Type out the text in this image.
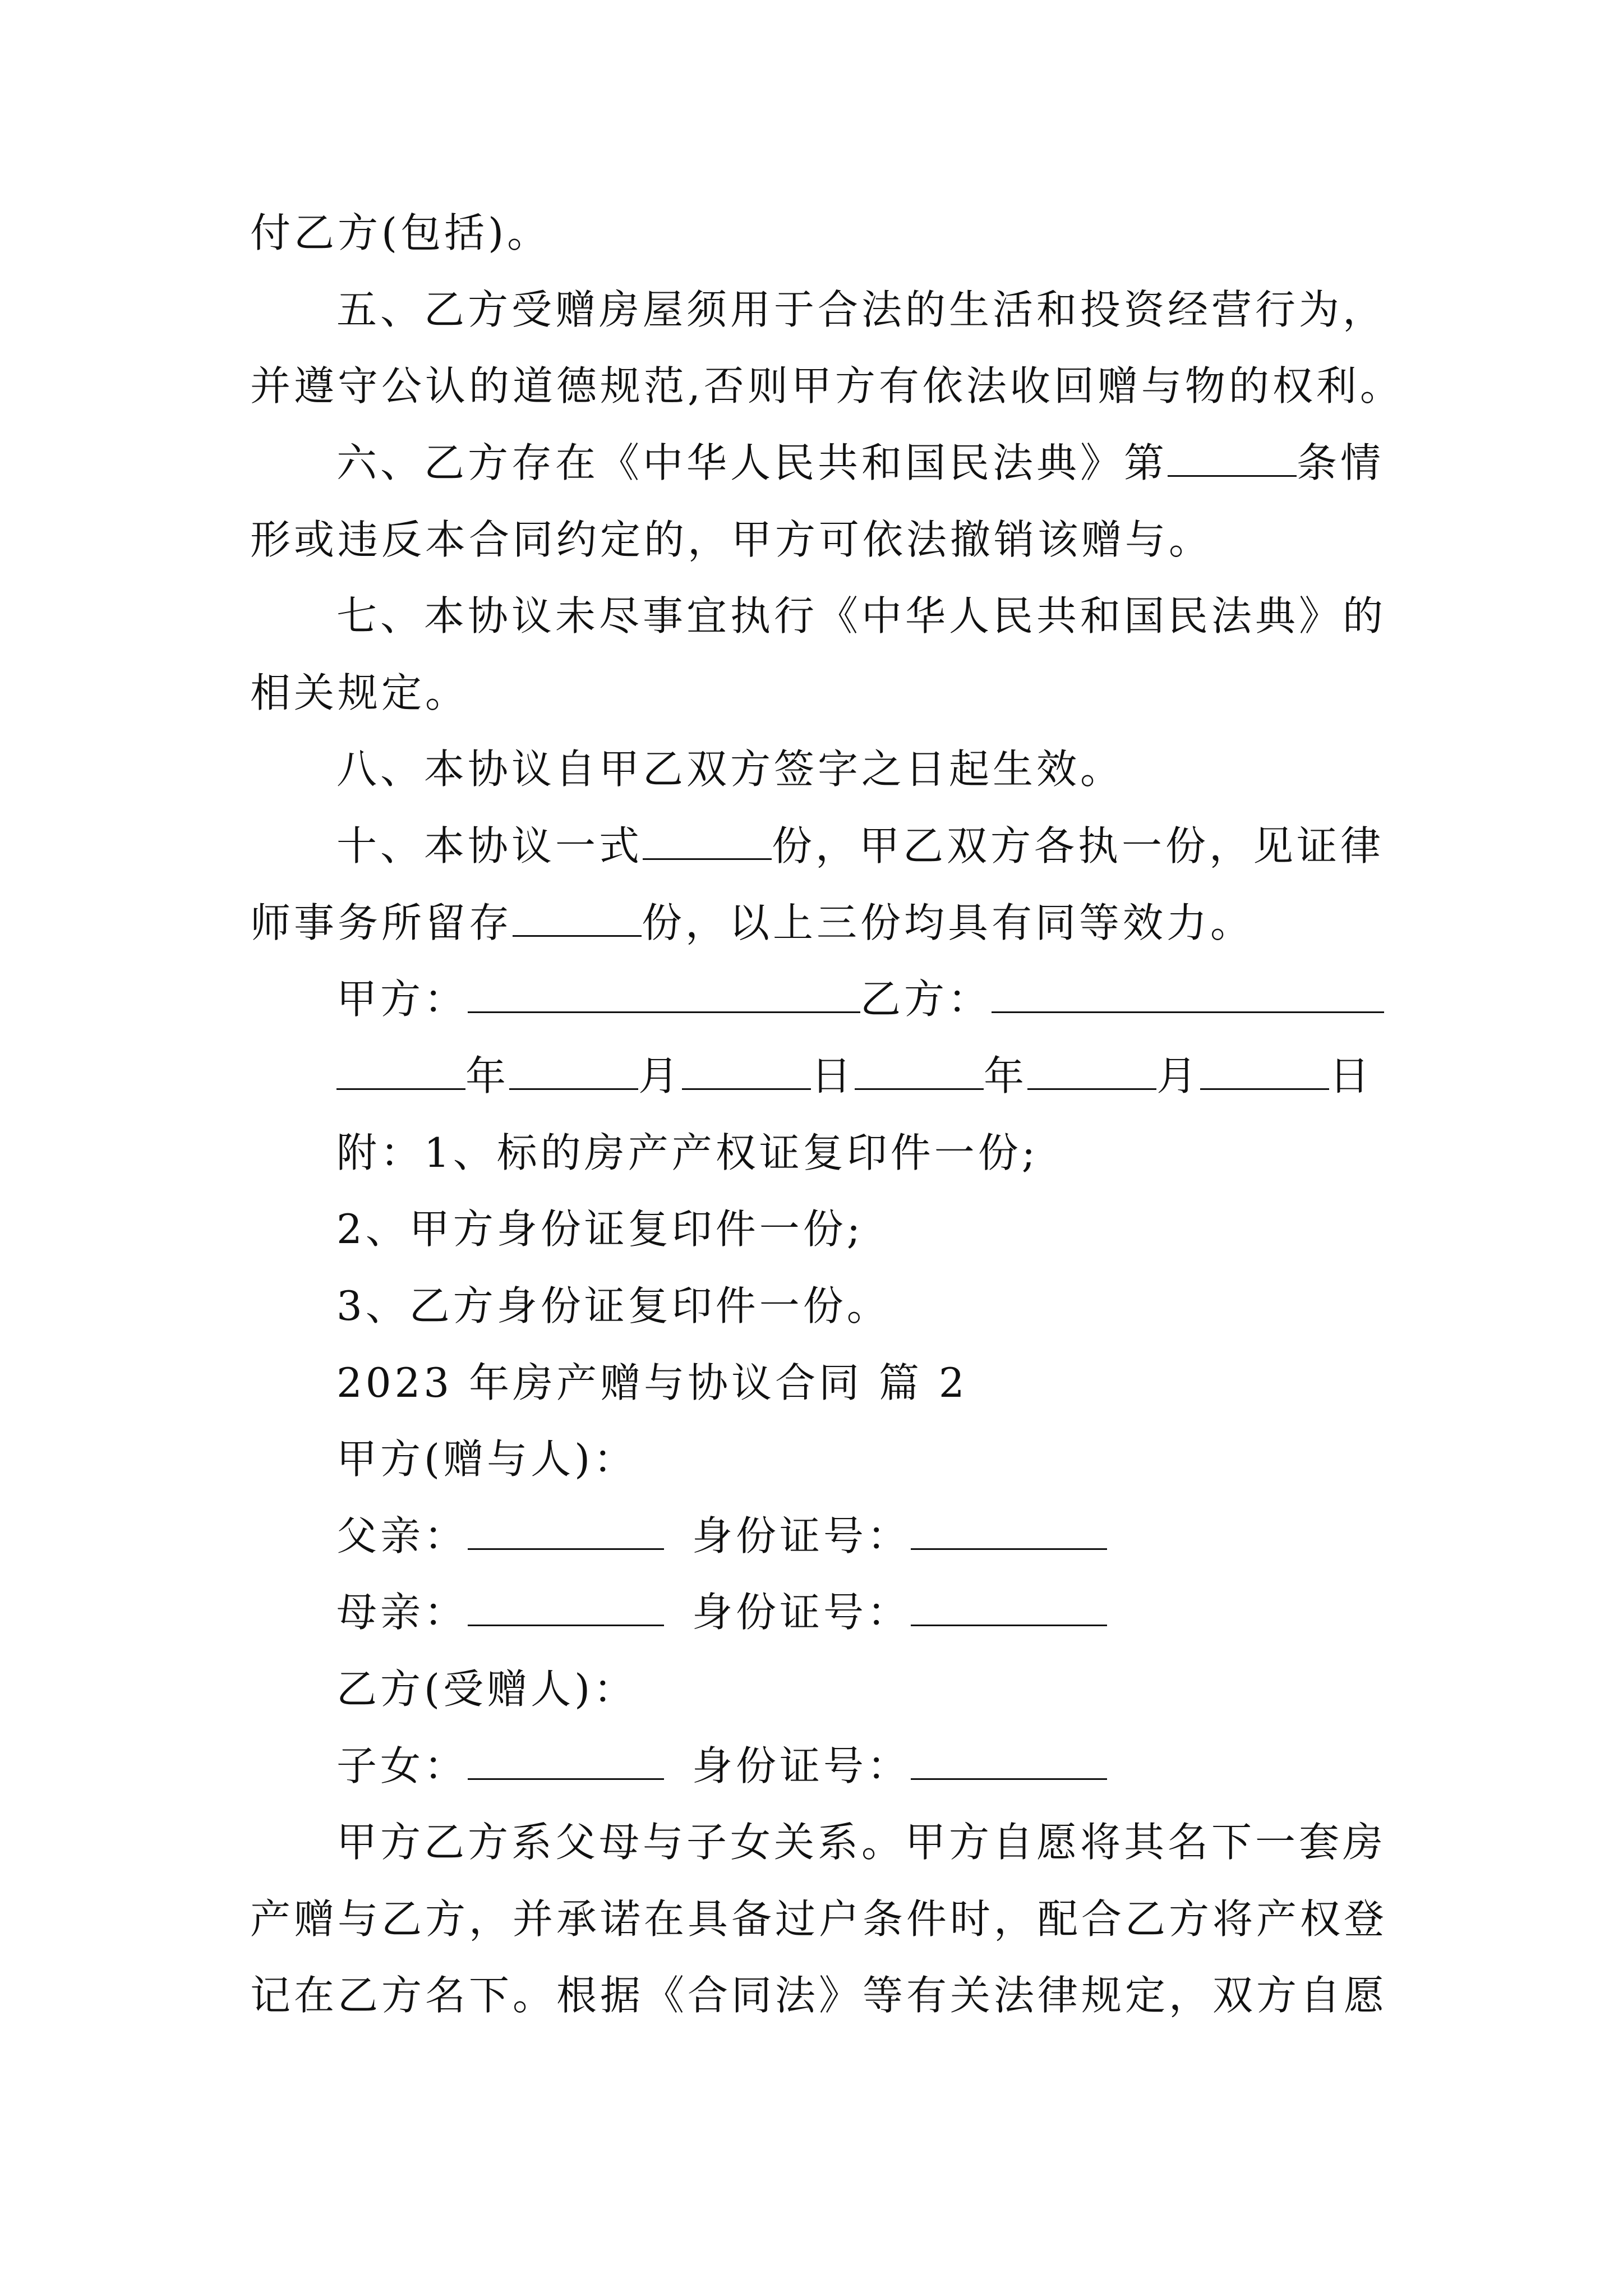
付乙方(包括)。
五、乙方受赠房屋须用于合法的生活和投资经营行为，
并遵守公认的道德规范,否则甲方有依法收回赠与物的权利。
六、乙方存在《中华人民共和国民法典》第	条情
形或违反本合同约定的，甲方可依法撤销该赠与。
七、本协议未尽事宜执行《中华人民共和国民法典》的
相关规定。
八、本协议自甲乙双方签字之日起生效。
十、本协议一式	份，甲乙双方各执一份，见证律
师事务所留存	份，以上三份均具有同等效力。
甲方：	乙方：
年	月	日	年	月	日
附：1、标的房产产权证复印件一份;
2、甲方身份证复印件一份;
3、乙方身份证复印件一份。
2023 年房产赠与协议合同 篇 2
甲方(赠与人)：
父亲：	身份证号：
母亲：	身份证号：
乙方(受赠人)：
子女：	身份证号：
甲方乙方系父母与子女关系。甲方自愿将其名下一套房
产赠与乙方，并承诺在具备过户条件时，配合乙方将产权登
记在乙方名下。根据《合同法》等有关法律规定，双方自愿
